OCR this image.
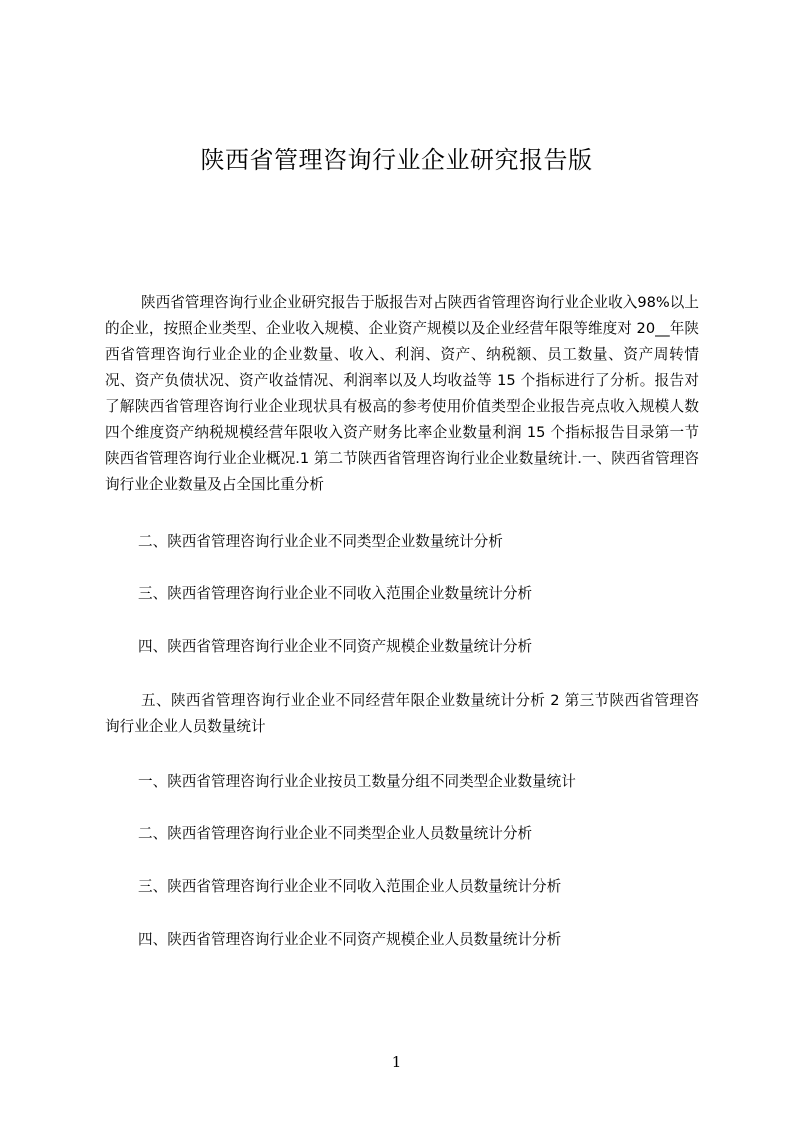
陕西省管理咨询行业企业研究报告版

陕西省管理咨询行业企业研究报告于版报告对占陕西省管理咨询行业企业收入98%以上的企业，按照企业类型、企业收入规模、企业资产规模以及企业经营年限等维度对 20__年陕西省管理咨询行业企业的企业数量、收入、利润、资产、纳税额、员工数量、资产周转情况、资产负债状况、资产收益情况、利润率以及人均收益等 15 个指标进行了分析。报告对了解陕西省管理咨询行业企业现状具有极高的参考使用价值类型企业报告亮点收入规模人数四个维度资产纳税规模经营年限收入资产财务比率企业数量利润 15 个指标报告目录第一节陕西省管理咨询行业企业概况.1 第二节陕西省管理咨询行业企业数量统计.一、陕西省管理咨询行业企业数量及占全国比重分析

二、陕西省管理咨询行业企业不同类型企业数量统计分析

三、陕西省管理咨询行业企业不同收入范围企业数量统计分析

四、陕西省管理咨询行业企业不同资产规模企业数量统计分析

五、陕西省管理咨询行业企业不同经营年限企业数量统计分析 2 第三节陕西省管理咨询行业企业人员数量统计

一、陕西省管理咨询行业企业按员工数量分组不同类型企业数量统计

二、陕西省管理咨询行业企业不同类型企业人员数量统计分析

三、陕西省管理咨询行业企业不同收入范围企业人员数量统计分析

四、陕西省管理咨询行业企业不同资产规模企业人员数量统计分析

1
